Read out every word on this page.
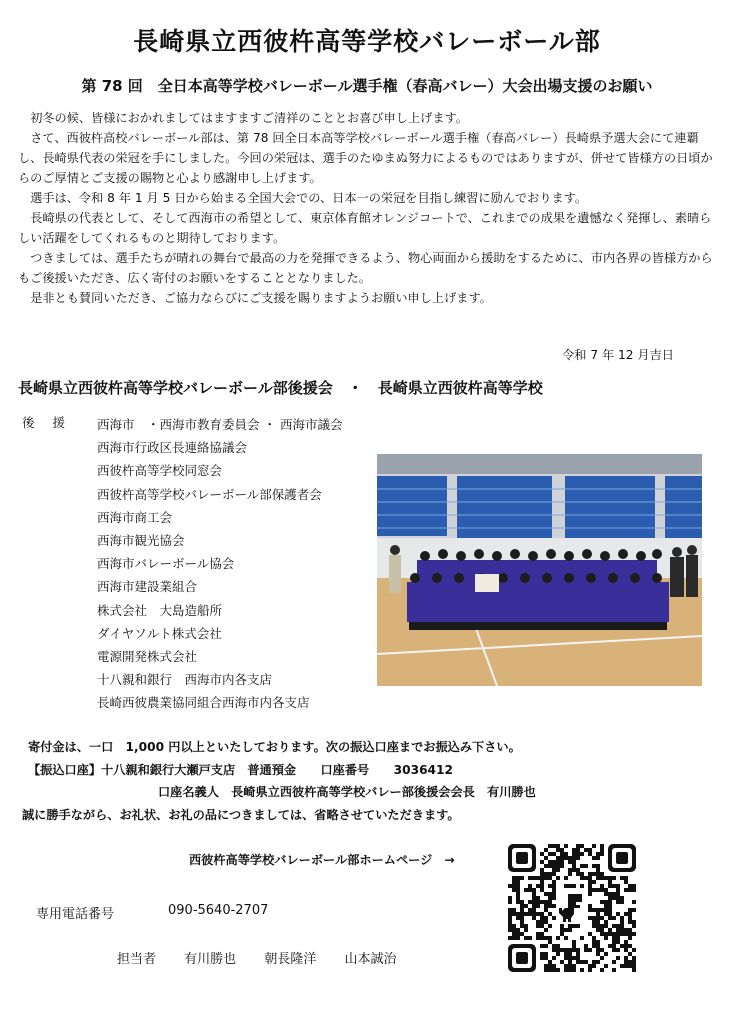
長崎県立西彼杵高等学校バレーボール部
第 78 回　全日本高等学校バレーボール選手権（春高バレー）大会出場支援のお願い

初冬の候、皆様におかれましてはますますご清祥のこととお喜び申し上げます。

さて、西彼杵高校バレーボール部は、第 78 回全日本高等学校バレーボール選手権（春高バレー）長崎県予選大会にて連覇し、長崎県代表の栄冠を手にしました。今回の栄冠は、選手のたゆまぬ努力によるものではありますが、併せて皆様方の日頃からのご厚情とご支援の賜物と心より感謝申し上げます。

選手は、令和 8 年 1 月 5 日から始まる全国大会での、日本一の栄冠を目指し練習に励んでおります。

長崎県の代表として、そして西海市の希望として、東京体育館オレンジコートで、これまでの成果を遺憾なく発揮し、素晴らしい活躍をしてくれるものと期待しております。

つきましては、選手たちが晴れの舞台で最高の力を発揮できるよう、物心両面から援助をするために、市内各界の皆様方からもご後援いただき、広く寄付のお願いをすることとなりました。

是非とも賛同いただき、ご協力ならびにご支援を賜りますようお願い申し上げます。

令和 7 年 12 月吉日
長崎県立西彼杵高等学校バレーボール部後援会　・　長崎県立西彼杵高等学校
後援 西海市　・西海市教育委員会 ・ 西海市議会
西海市行政区長連絡協議会
西彼杵高等学校同窓会
西彼杵高等学校バレーボール部保護者会
西海市商工会
西海市観光協会
西海市バレーボール協会
西海市建設業組合
株式会社　大島造船所
ダイヤソルト株式会社
電源開発株式会社
十八親和銀行　西海市内各支店
長崎西彼農業協同組合西海市内各支店
寄付金は、一口　1,000 円以上といたしております。次の振込口座までお振込み下さい。
【振込口座】十八親和銀行大瀬戸支店　普通預金　　口座番号　　3036412
口座名義人　長崎県立西彼杵高等学校バレー部後援会会長　有川勝也
誠に勝手ながら、お礼状、お礼の品につきましては、省略させていただきます。
西彼杵高等学校バレーボール部ホームページ　→
専用電話番号	090-5640-2707
担当者 有川勝也 朝長隆洋 山本誠治
